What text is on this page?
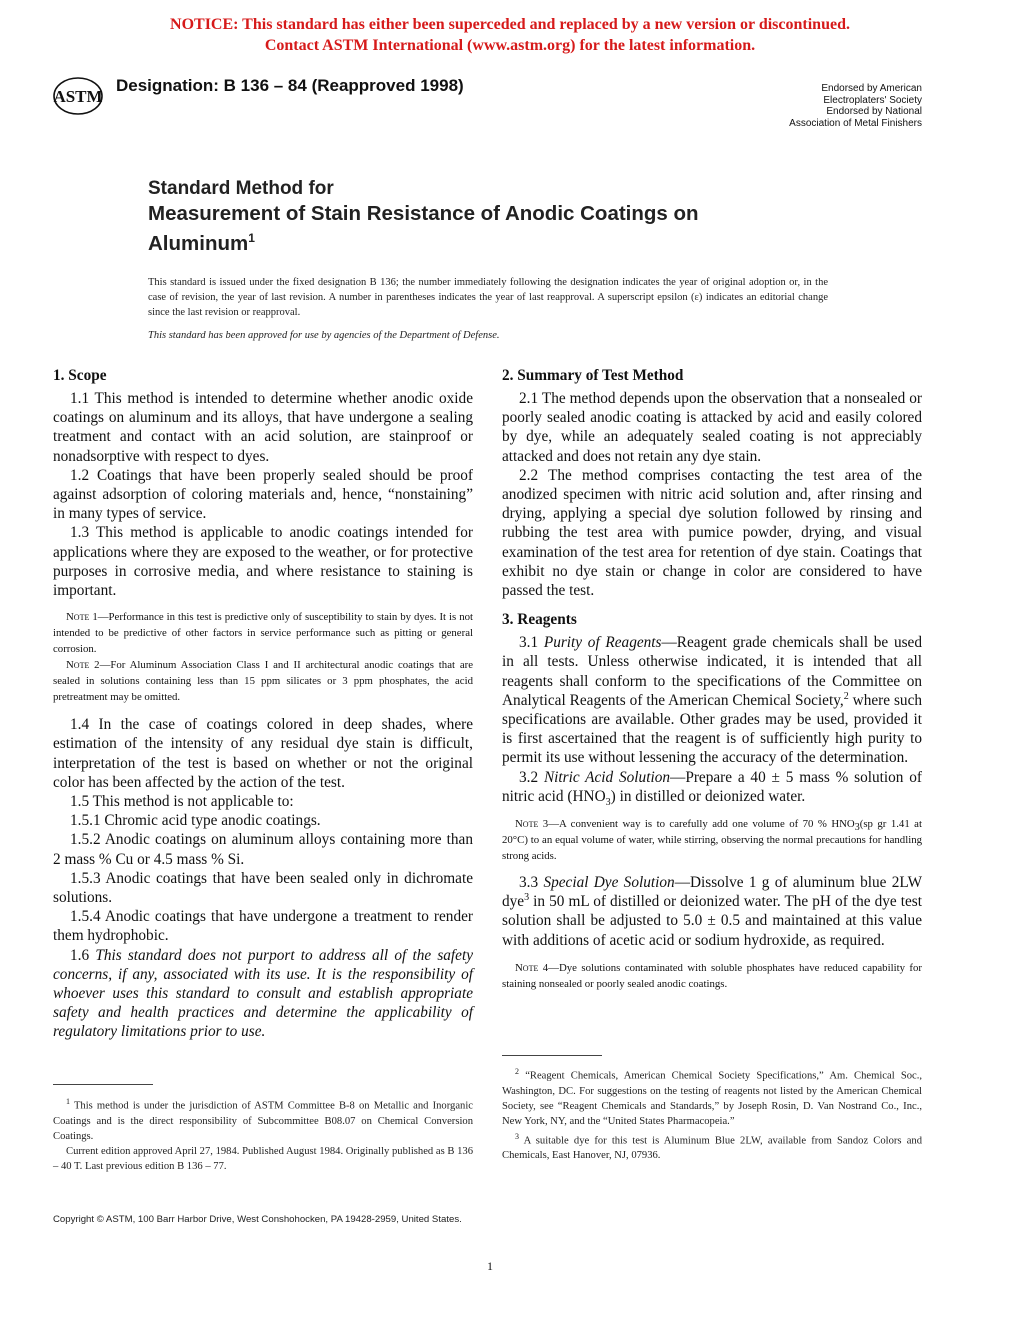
NOTICE: This standard has either been superceded and replaced by a new version or discontinued.
Contact ASTM International (www.astm.org) for the latest information.
ASTM
Designation: B 136 – 84 (Reapproved 1998)	Endorsed by American
Electroplaters' Society
Endorsed by National
Association of Metal Finishers
Standard Method for
Measurement of Stain Resistance of Anodic Coatings on
Aluminum$^1$
This standard is issued under the fixed designation B 136; the number immediately following the designation indicates the year of original adoption or, in the case of revision, the year of last revision. A number in parentheses indicates the year of last reapproval. A superscript epsilon (ε) indicates an editorial change since the last revision or reapproval.
This standard has been approved for use by agencies of the Department of Defense.
1. Scope

1.1 This method is intended to determine whether anodic oxide coatings on aluminum and its alloys, that have undergone a sealing treatment and contact with an acid solution, are stainproof or nonadsorptive with respect to dyes.

1.2 Coatings that have been properly sealed should be proof against adsorption of coloring materials and, hence, “nonstaining” in many types of service.

1.3 This method is applicable to anodic coatings intended for applications where they are exposed to the weather, or for protective purposes in corrosive media, and where resistance to staining is important.

Note 1—Performance in this test is predictive only of susceptibility to stain by dyes. It is not intended to be predictive of other factors in service performance such as pitting or general corrosion.

Note 2—For Aluminum Association Class I and II architectural anodic coatings that are sealed in solutions containing less than 15 ppm silicates or 3 ppm phosphates, the acid pretreatment may be omitted.

1.4 In the case of coatings colored in deep shades, where estimation of the intensity of any residual dye stain is difficult, interpretation of the test is based on whether or not the original color has been affected by the action of the test.

1.5 This method is not applicable to:

1.5.1 Chromic acid type anodic coatings.

1.5.2 Anodic coatings on aluminum alloys containing more than 2 mass % Cu or 4.5 mass % Si.

1.5.3 Anodic coatings that have been sealed only in dichromate solutions.

1.5.4 Anodic coatings that have undergone a treatment to render them hydrophobic.

1.6 This standard does not purport to address all of the safety concerns, if any, associated with its use. It is the responsibility of whoever uses this standard to consult and establish appropriate safety and health practices and determine the applicability of regulatory limitations prior to use.

2. Summary of Test Method

2.1 The method depends upon the observation that a nonsealed or poorly sealed anodic coating is attacked by acid and easily colored by dye, while an adequately sealed coating is not appreciably attacked and does not retain any dye stain.

2.2 The method comprises contacting the test area of the anodized specimen with nitric acid solution and, after rinsing and drying, applying a special dye solution followed by rinsing and rubbing the test area with pumice powder, drying, and visual examination of the test area for retention of dye stain. Coatings that exhibit no dye stain or change in color are considered to have passed the test.

3. Reagents

3.1 Purity of Reagents—Reagent grade chemicals shall be used in all tests. Unless otherwise indicated, it is intended that all reagents shall conform to the specifications of the Committee on Analytical Reagents of the American Chemical Society,$^2$ where such specifications are available. Other grades may be used, provided it is first ascertained that the reagent is of sufficiently high purity to permit its use without lessening the accuracy of the determination.

3.2 Nitric Acid Solution—Prepare a 40 ± 5 mass % solution of nitric acid $(HNO_3)$ in distilled or deionized water.

Note 3—A convenient way is to carefully add one volume of 70 % $HNO_3(sp$ gr 1.41 at 20°C) to an equal volume of water, while stirring, observing the normal precautions for handling strong acids.

3.3 Special Dye Solution—Dissolve 1 g of aluminum blue 2LW dye$^3$ in 50 mL of distilled or deionized water. The pH of the dye test solution shall be adjusted to 5.0 ± 0.5 and maintained at this value with additions of acetic acid or sodium hydroxide, as required.

Note 4—Dye solutions contaminated with soluble phosphates have reduced capability for staining nonsealed or poorly sealed anodic coatings.

$^1$ This method is under the jurisdiction of ASTM Committee B-8 on Metallic and Inorganic Coatings and is the direct responsibility of Subcommittee B08.07 on Chemical Conversion Coatings.

Current edition approved April 27, 1984. Published August 1984. Originally published as B 136 – 40 T. Last previous edition B 136 – 77.

$^2$ “Reagent Chemicals, American Chemical Society Specifications,” Am. Chemical Soc., Washington, DC. For suggestions on the testing of reagents not listed by the American Chemical Society, see “Reagent Chemicals and Standards,” by Joseph Rosin, D. Van Nostrand Co., Inc., New York, NY, and the “United States Pharmacopeia.”

$^3$ A suitable dye for this test is Aluminum Blue 2LW, available from Sandoz Colors and Chemicals, East Hanover, NJ, 07936.

Copyright © ASTM, 100 Barr Harbor Drive, West Conshohocken, PA 19428-2959, United States.
1
